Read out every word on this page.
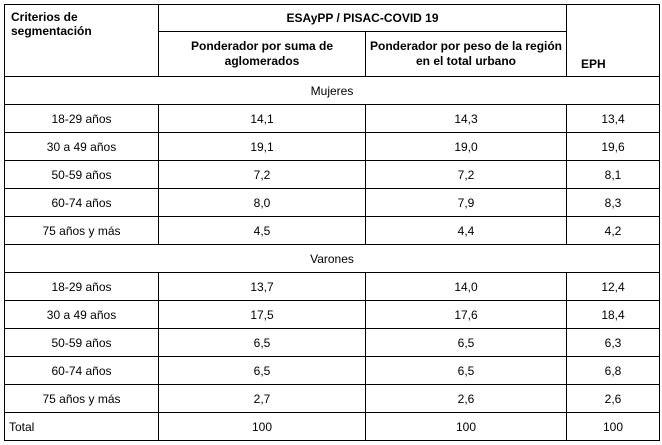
Criterios de segmentación	ESAyPP / PISAC-COVID 19		EPH
	Ponderador por suma de aglomerados	Ponderador por peso de la región en el total urbano	
Mujeres			
18-29 años	14,1	14,3	13,4
30 a 49 años	19,1	19,0	19,6
50-59 años	7,2	7,2	8,1
60-74 años	8,0	7,9	8,3
75 años y más	4,5	4,4	4,2
Varones			
18-29 años	13,7	14,0	12,4
30 a 49 años	17,5	17,6	18,4
50-59 años	6,5	6,5	6,3
60-74 años	6,5	6,5	6,8
75 años y más	2,7	2,6	2,6
Total	100	100	100
